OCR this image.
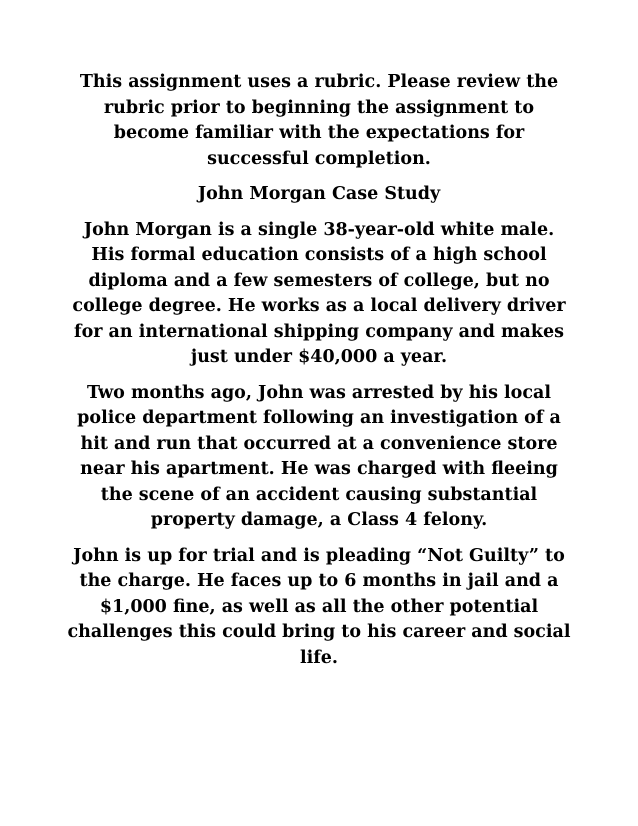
This assignment uses a rubric. Please review the rubric prior to beginning the assignment to become familiar with the expectations for successful completion.

John Morgan Case Study

John Morgan is a single 38-year-old white male. His formal education consists of a high school diploma and a few semesters of college, but no college degree. He works as a local delivery driver for an international shipping company and makes just under $40,000 a year.

Two months ago, John was arrested by his local police department following an investigation of a hit and run that occurred at a convenience store near his apartment. He was charged with fleeing the scene of an accident causing substantial property damage, a Class 4 felony.

John is up for trial and is pleading “Not Guilty” to the charge. He faces up to 6 months in jail and a $1,000 fine, as well as all the other potential challenges this could bring to his career and social life.
